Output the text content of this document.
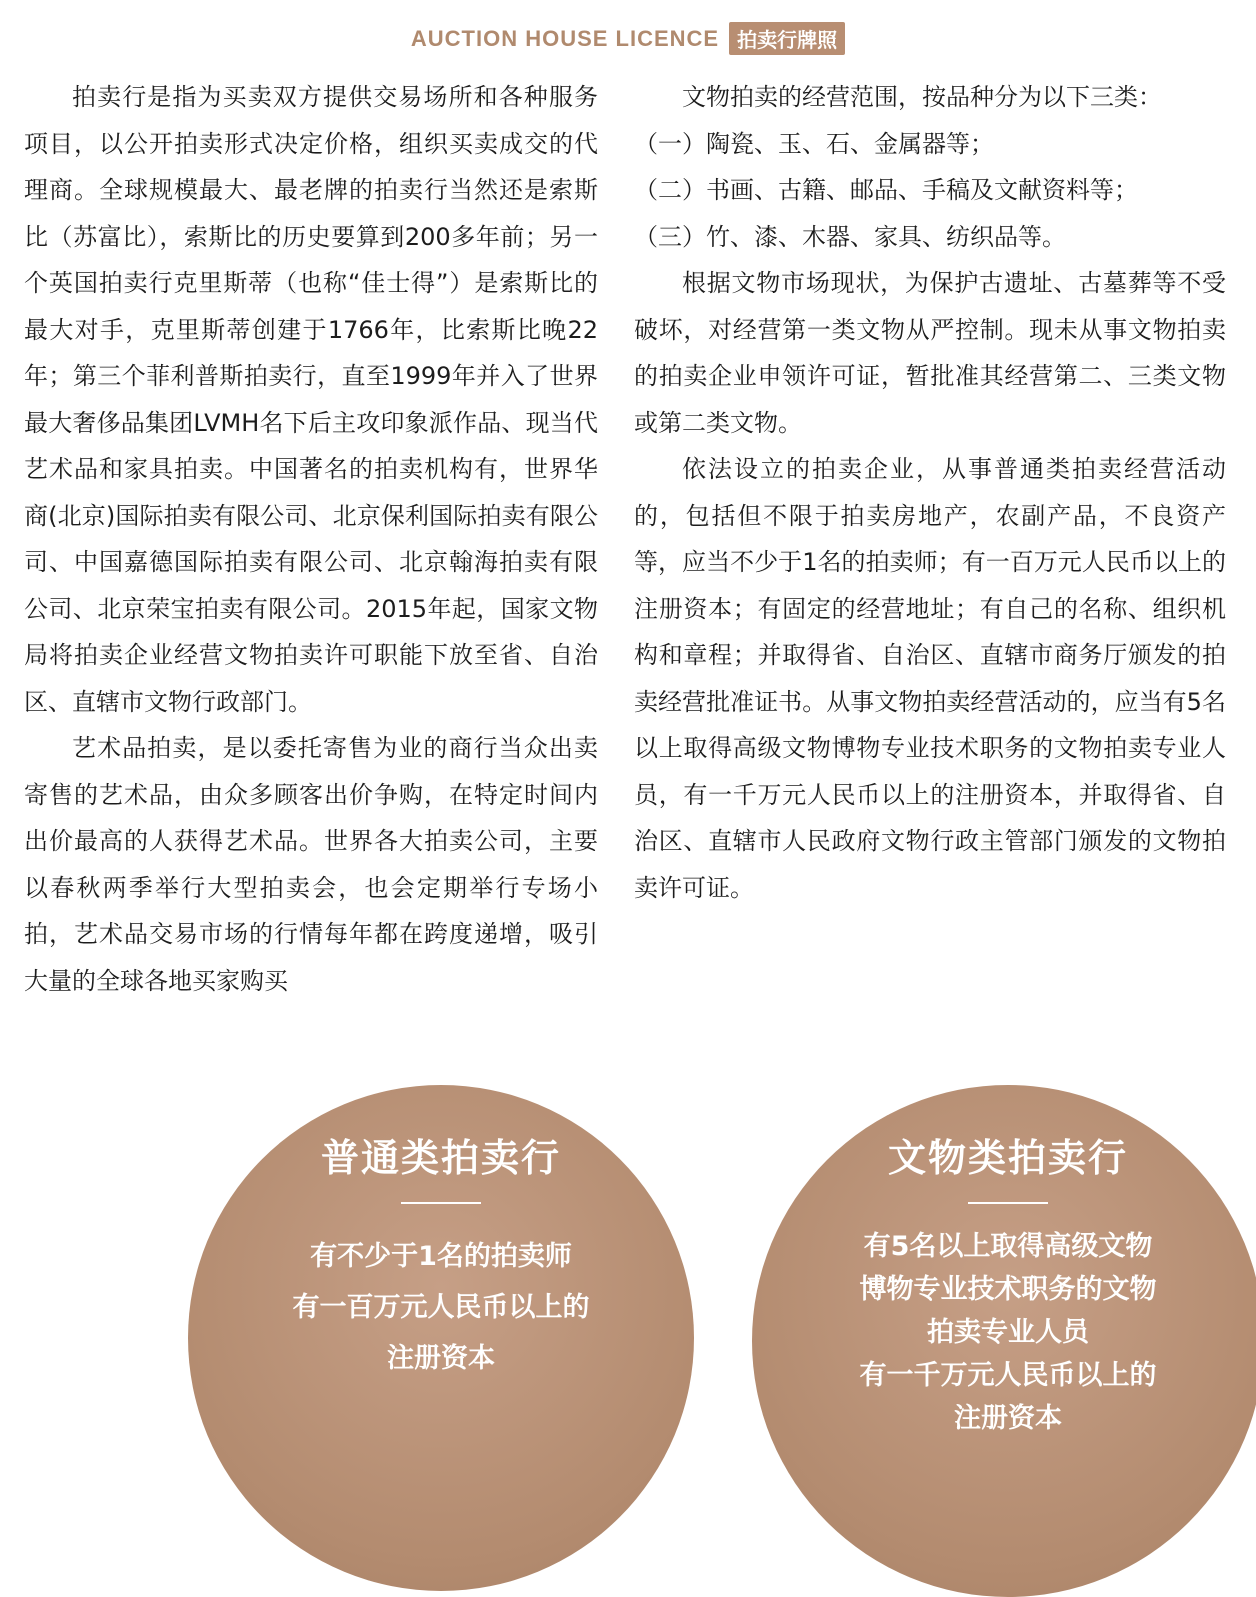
AUCTION HOUSE LICENCE 拍卖行牌照

拍卖行是指为买卖双方提供交易场所和各种服务项目，以公开拍卖形式决定价格，组织买卖成交的代理商。全球规模最大、最老牌的拍卖行当然还是索斯比（苏富比），索斯比的历史要算到200多年前；另一个英国拍卖行克里斯蒂（也称“佳士得”）是索斯比的最大对手，克里斯蒂创建于1766年，比索斯比晚22年；第三个菲利普斯拍卖行，直至1999年并入了世界最大奢侈品集团LVMH名下后主攻印象派作品、现当代艺术品和家具拍卖。中国著名的拍卖机构有，世界华商(北京)国际拍卖有限公司、北京保利国际拍卖有限公司、中国嘉德国际拍卖有限公司、北京翰海拍卖有限公司、北京荣宝拍卖有限公司。2015年起，国家文物局将拍卖企业经营文物拍卖许可职能下放至省、自治区、直辖市文物行政部门。

艺术品拍卖，是以委托寄售为业的商行当众出卖寄售的艺术品，由众多顾客出价争购，在特定时间内出价最高的人获得艺术品。世界各大拍卖公司，主要以春秋两季举行大型拍卖会，也会定期举行专场小拍，艺术品交易市场的行情每年都在跨度递增，吸引大量的全球各地买家购买

文物拍卖的经营范围，按品种分为以下三类：

（一）陶瓷、玉、石、金属器等；

（二）书画、古籍、邮品、手稿及文献资料等；

（三）竹、漆、木器、家具、纺织品等。

根据文物市场现状，为保护古遗址、古墓葬等不受破坏，对经营第一类文物从严控制。现未从事文物拍卖的拍卖企业申领许可证，暂批准其经营第二、三类文物或第二类文物。

依法设立的拍卖企业，从事普通类拍卖经营活动的，包括但不限于拍卖房地产，农副产品，不良资产等，应当不少于1名的拍卖师；有一百万元人民币以上的注册资本；有固定的经营地址；有自己的名称、组织机构和章程；并取得省、自治区、直辖市商务厅颁发的拍卖经营批准证书。从事文物拍卖经营活动的，应当有5名以上取得高级文物博物专业技术职务的文物拍卖专业人员，有一千万元人民币以上的注册资本，并取得省、自治区、直辖市人民政府文物行政主管部门颁发的文物拍卖许可证。

普通类拍卖行
有不少于1名的拍卖师
有一百万元人民币以上的
注册资本
文物类拍卖行
有5名以上取得高级文物
博物专业技术职务的文物
拍卖专业人员
有一千万元人民币以上的
注册资本
